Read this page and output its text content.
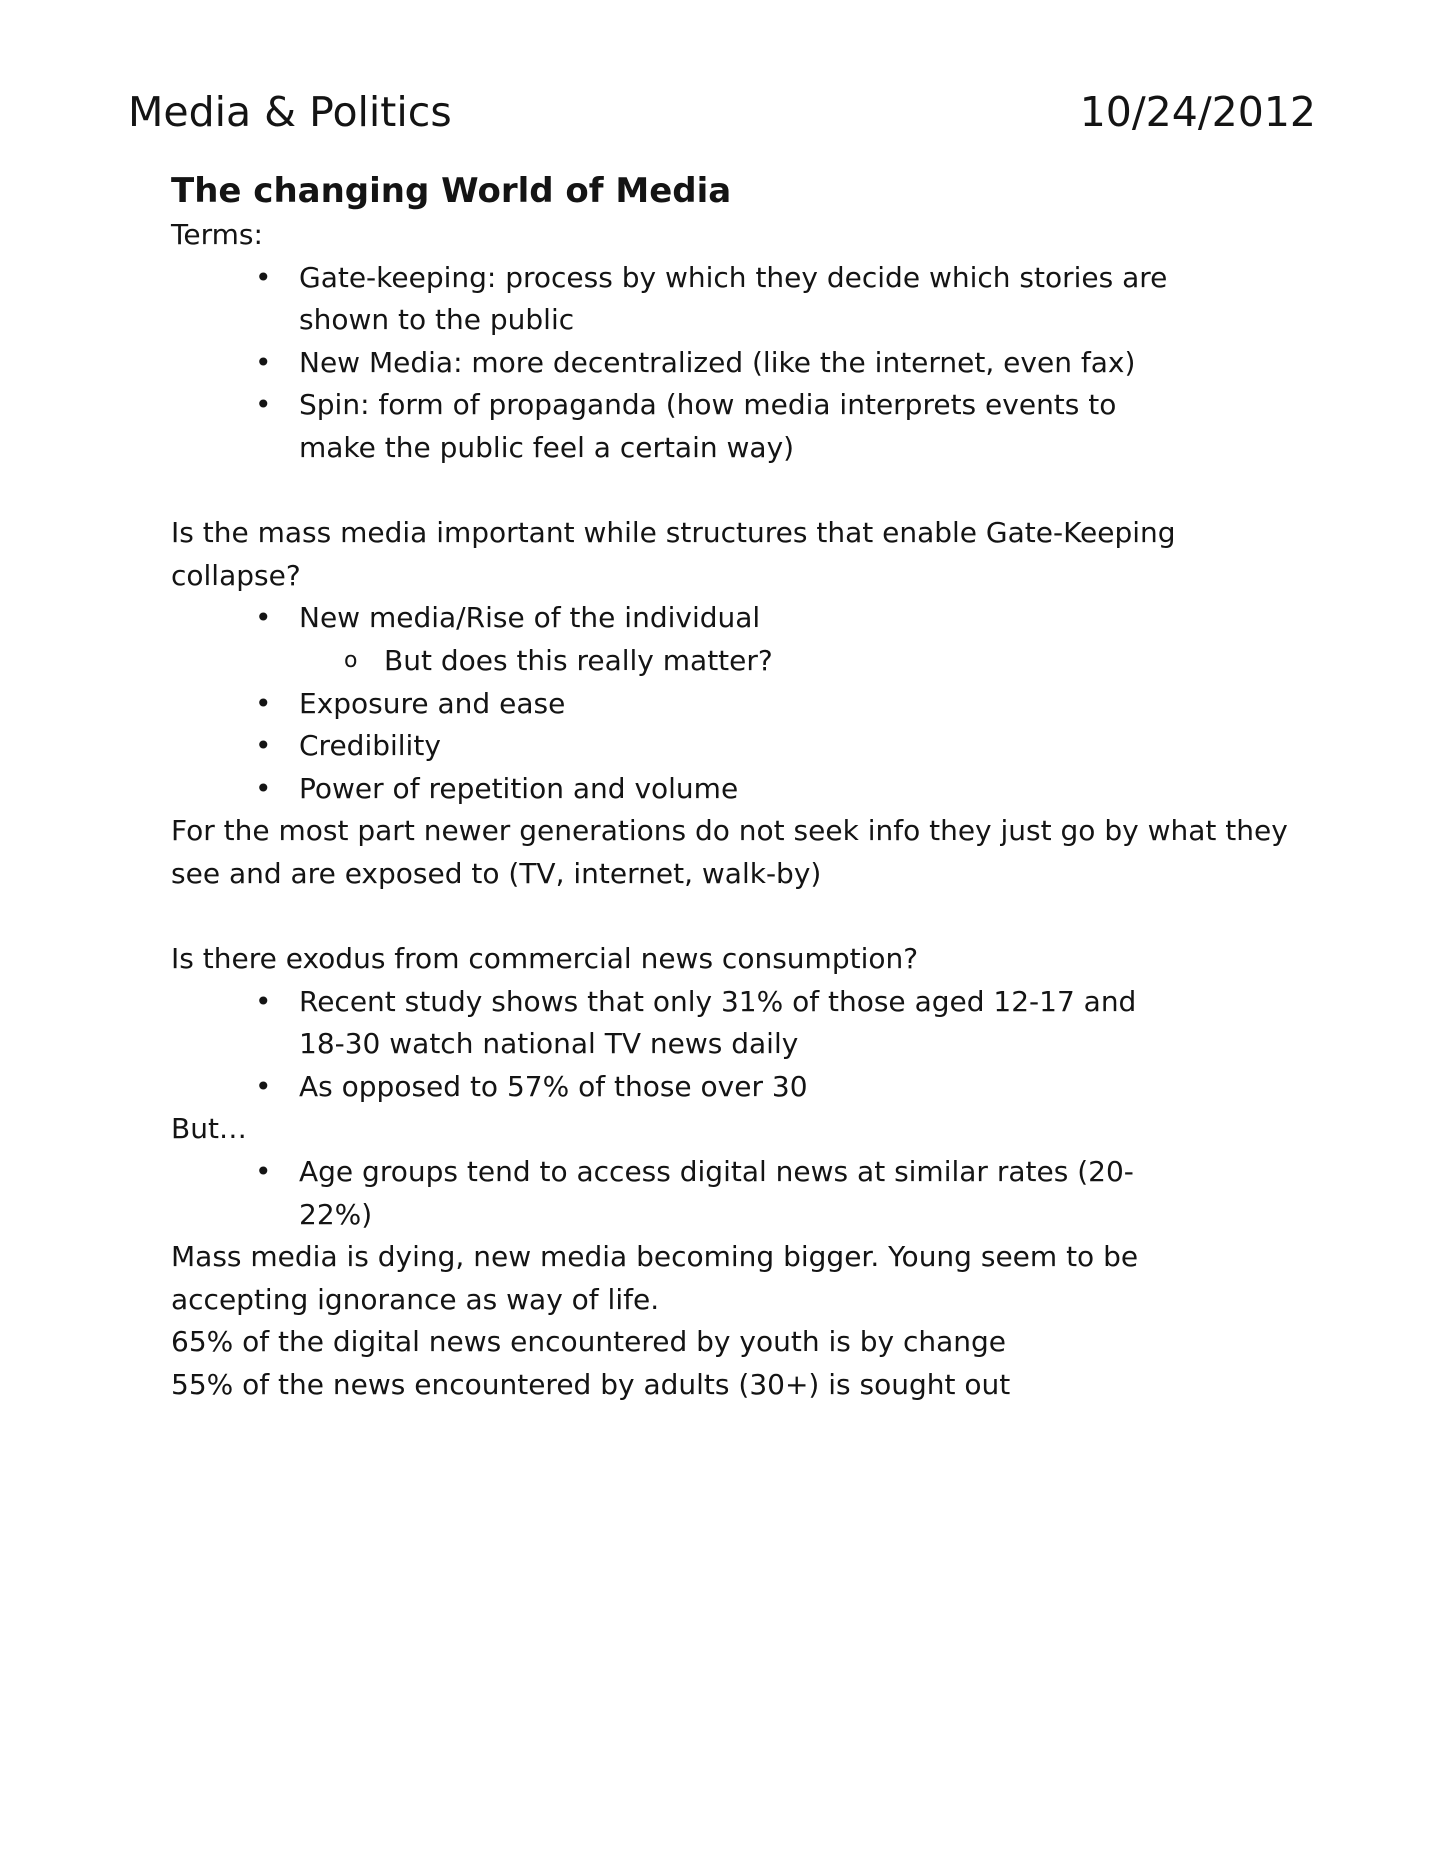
Media & Politics	10/24/2012
The changing World of Media

Terms:

• Gate-keeping: process by which they decide which stories are shown to the public
• New Media: more decentralized (like the internet, even fax)
• Spin: form of propaganda (how media interprets events to make the public feel a certain way)

Is the mass media important while structures that enable Gate-Keeping collapse?

• New media/Rise of the individual
o But does this really matter?
• Exposure and ease
• Credibility
• Power of repetition and volume

For the most part newer generations do not seek info they just go by what they see and are exposed to (TV, internet, walk-by)

Is there exodus from commercial news consumption?

• Recent study shows that only 31% of those aged 12-17 and 18-30 watch national TV news daily
• As opposed to 57% of those over 30

But…

• Age groups tend to access digital news at similar rates (20-22%)

Mass media is dying, new media becoming bigger. Young seem to be accepting ignorance as way of life.

65% of the digital news encountered by youth is by change

55% of the news encountered by adults (30+) is sought out
